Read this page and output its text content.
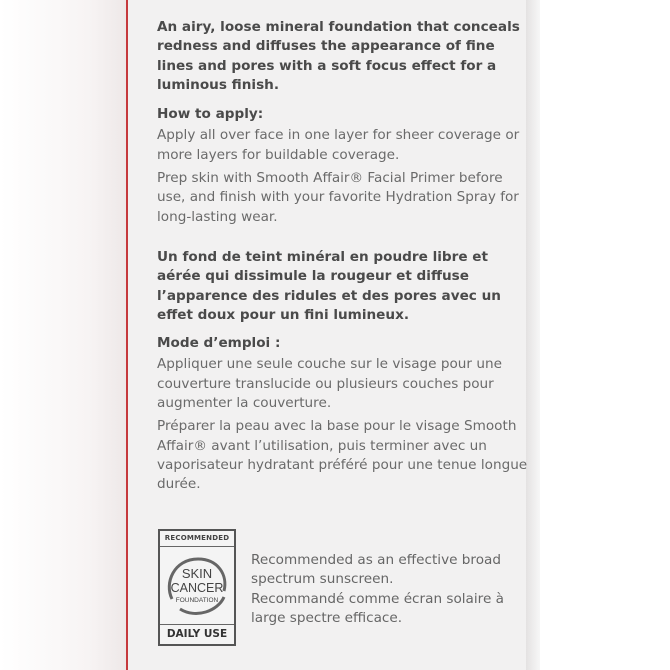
An airy, loose mineral foundation that conceals redness and diffuses the appearance of fine lines and pores with a soft focus effect for a luminous finish.

How to apply:

Apply all over face in one layer for sheer coverage or more layers for buildable coverage.

Prep skin with Smooth Affair® Facial Primer before use, and finish with your favorite Hydration Spray for long-lasting wear.

Un fond de teint minéral en poudre libre et aérée qui dissimule la rougeur et diffuse l’apparence des ridules et des pores avec un effet doux pour un fini lumineux.

Mode d’emploi :

Appliquer une seule couche sur le visage pour une couverture translucide ou plusieurs couches pour augmenter la couverture.

Préparer la peau avec la base pour le visage Smooth Affair® avant l’utilisation, puis terminer avec un vaporisateur hydratant préféré pour une tenue longue durée.

RECOMMENDED
SKIN
CANCER
FOUNDATION
DAILY USE

Recommended as an effective broad spectrum sunscreen.

Recommandé comme écran solaire à large spectre efficace.
